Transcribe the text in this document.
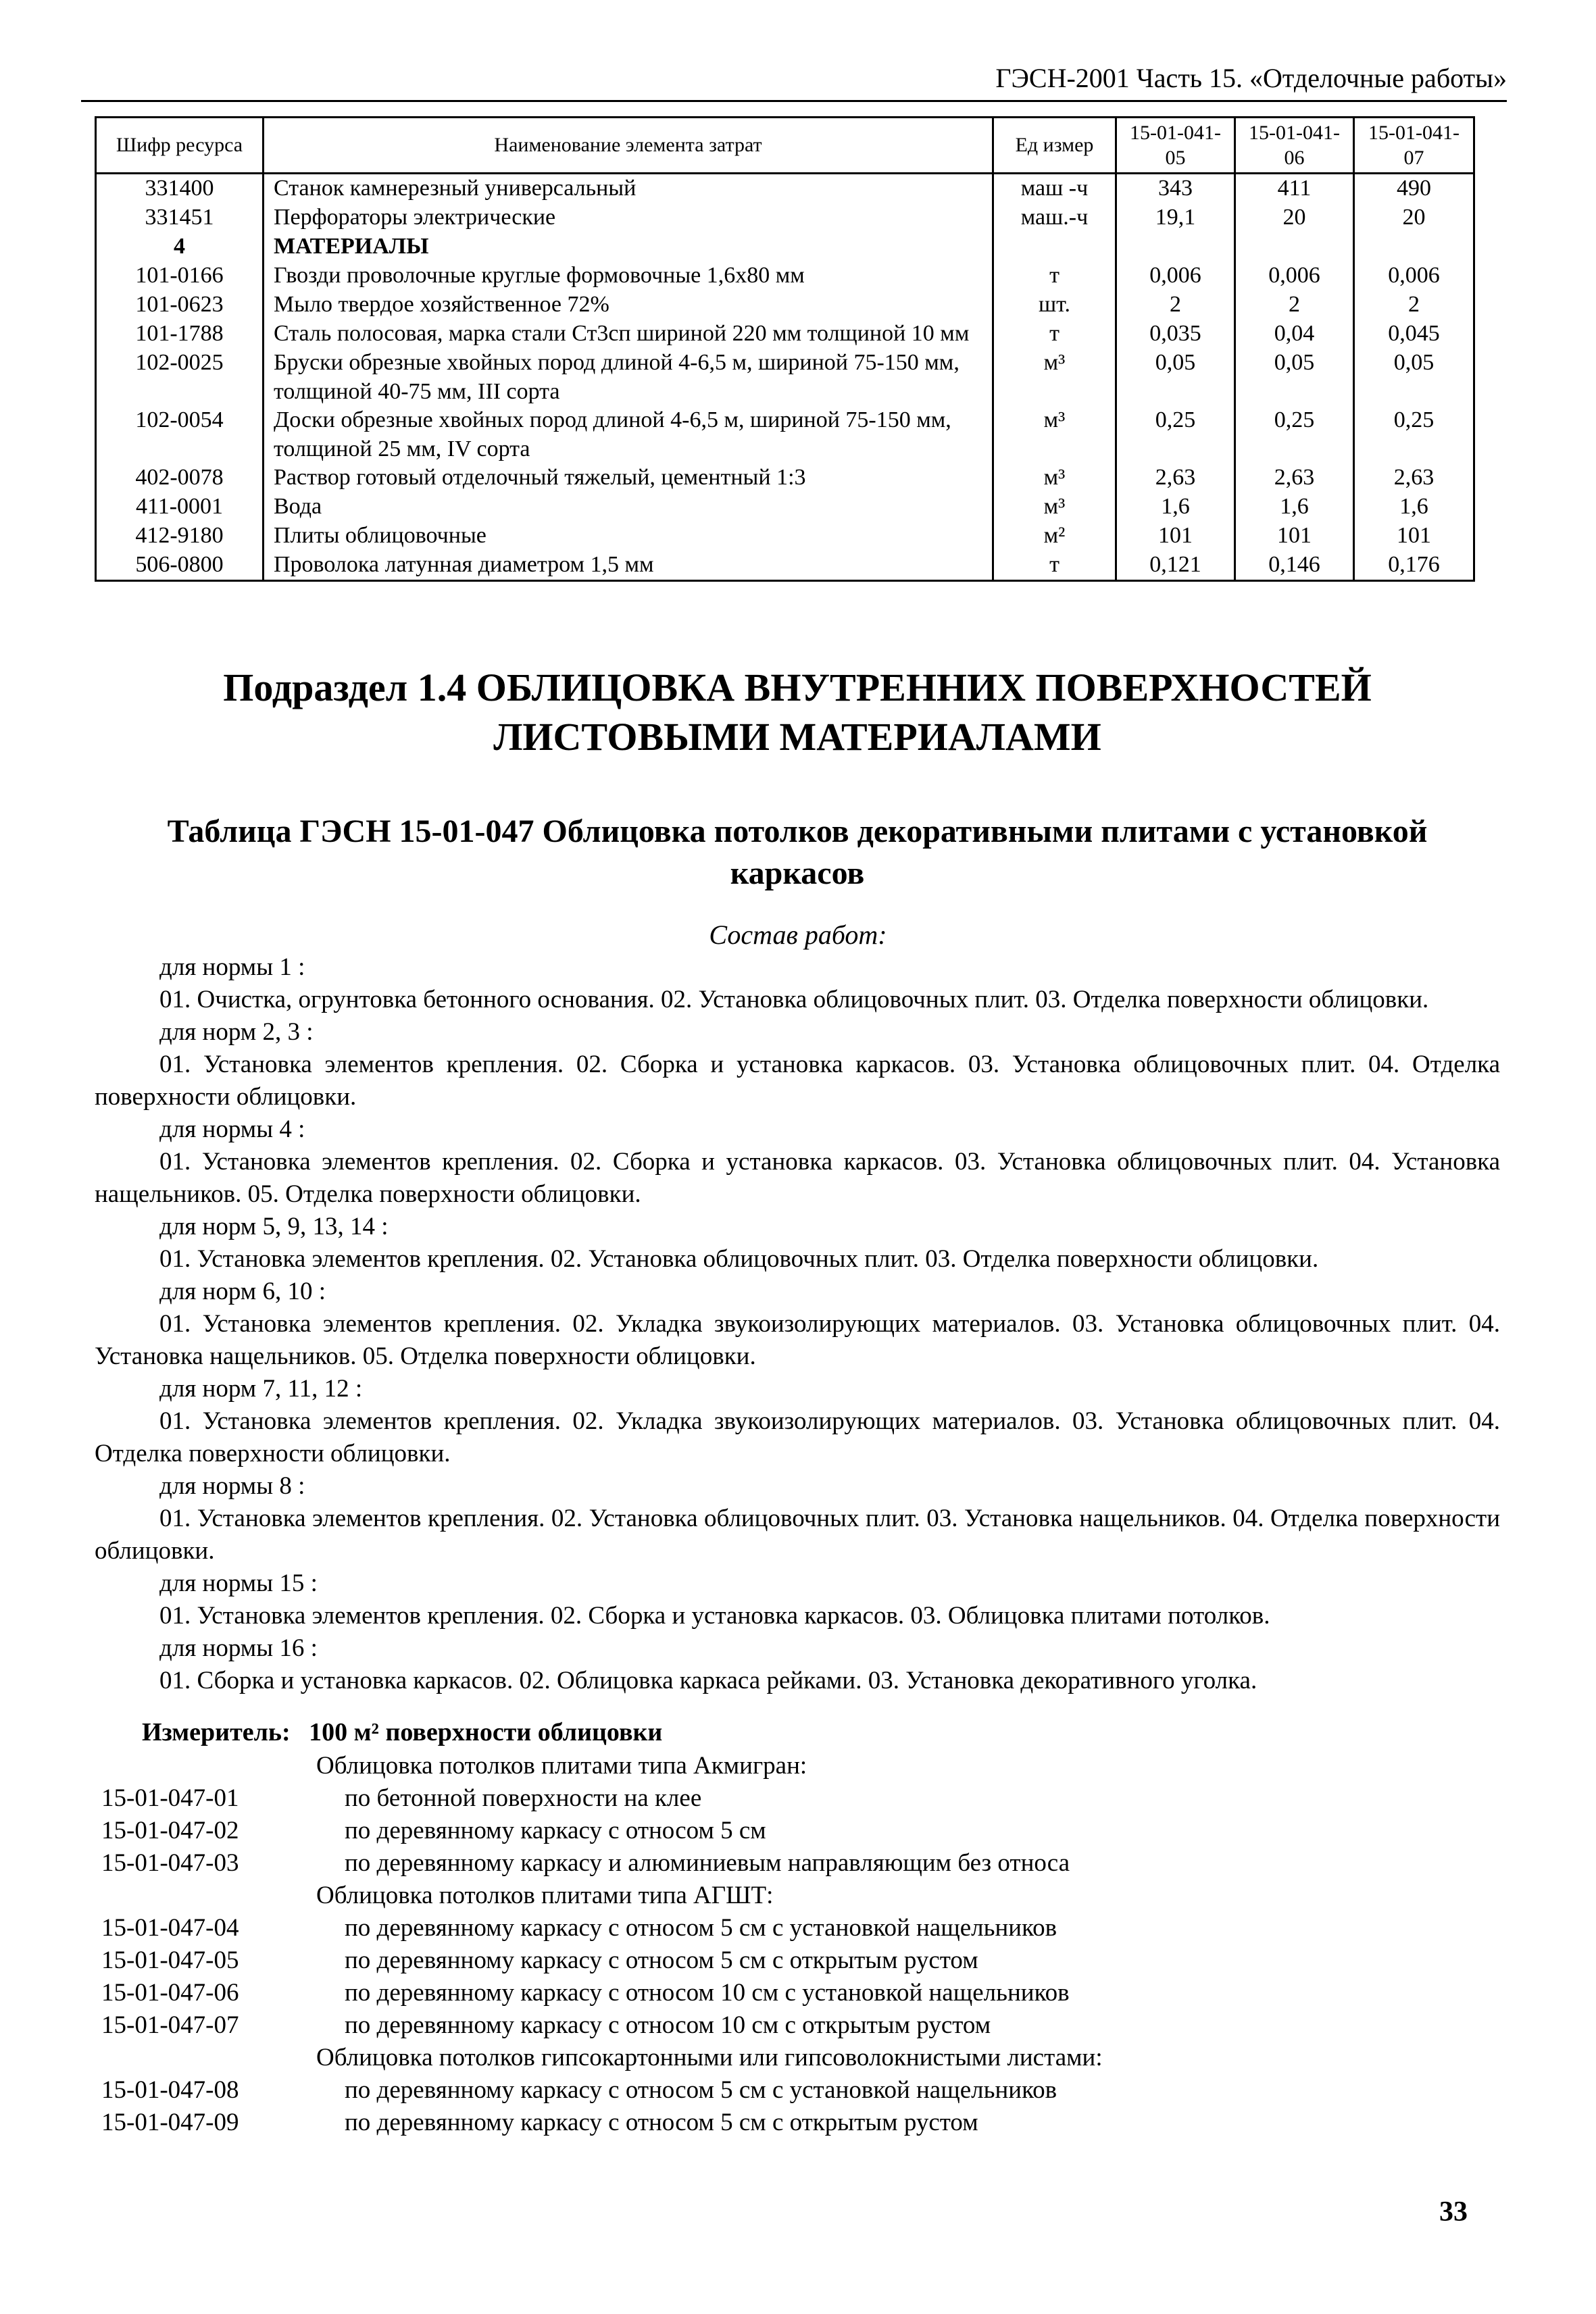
ГЭСН-2001 Часть 15. «Отделочные работы»
Шифр ресурса	Наименование элемента затрат	Ед измер	15-01-041-05	15-01-041-06	15-01-041-07
331400	Станок камнерезный универсальный	маш -ч	343	411	490
331451	Перфораторы электрические	маш.-ч	19,1	20	20
4	МАТЕРИАЛЫ				
101-0166	Гвозди проволочные круглые формовочные 1,6х80 мм	т	0,006	0,006	0,006
101-0623	Мыло твердое хозяйственное 72%	шт.	2	2	2
101-1788	Сталь полосовая, марка стали Ст3сп шириной 220 мм толщиной 10 мм	т	0,035	0,04	0,045
102-0025	Бруски обрезные хвойных пород длиной 4-6,5 м, шириной 75-150 мм, толщиной 40-75 мм, III сорта	м³	0,05	0,05	0,05
102-0054	Доски обрезные хвойных пород длиной 4-6,5 м, шириной 75-150 мм, толщиной 25 мм, IV сорта	м³	0,25	0,25	0,25
402-0078	Раствор готовый отделочный тяжелый, цементный 1:3	м³	2,63	2,63	2,63
411-0001	Вода	м³	1,6	1,6	1,6
412-9180	Плиты облицовочные	м²	101	101	101
506-0800	Проволока латунная диаметром 1,5 мм	т	0,121	0,146	0,176
Подраздел 1.4 ОБЛИЦОВКА ВНУТРЕННИХ ПОВЕРХНОСТЕЙ
ЛИСТОВЫМИ МАТЕРИАЛАМИ
Таблица ГЭСН 15-01-047 Облицовка потолков декоративными плитами с установкой
каркасов
Состав работ:
для нормы 1 :
01. Очистка, огрунтовка бетонного основания. 02. Установка облицовочных плит. 03. Отделка поверхности облицовки.
для норм 2, 3 :
01. Установка элементов крепления. 02. Сборка и установка каркасов. 03. Установка облицовочных плит. 04. Отделка поверхности облицовки.
для нормы 4 :
01. Установка элементов крепления. 02. Сборка и установка каркасов. 03. Установка облицовочных плит. 04. Установка нащельников. 05. Отделка поверхности облицовки.
для норм 5, 9, 13, 14 :
01. Установка элементов крепления. 02. Установка облицовочных плит. 03. Отделка поверхности облицовки.
для норм 6, 10 :
01. Установка элементов крепления. 02. Укладка звукоизолирующих материалов. 03. Установка облицовочных плит. 04. Установка нащельников. 05. Отделка поверхности облицовки.
для норм 7, 11, 12 :
01. Установка элементов крепления. 02. Укладка звукоизолирующих материалов. 03. Установка облицовочных плит. 04. Отделка поверхности облицовки.
для нормы 8 :
01. Установка элементов крепления. 02. Установка облицовочных плит. 03. Установка нащельников. 04. Отделка поверхности облицовки.
для нормы 15 :
01. Установка элементов крепления. 02. Сборка и установка каркасов. 03. Облицовка плитами потолков.
для нормы 16 :
01. Сборка и установка каркасов. 02. Облицовка каркаса рейками. 03. Установка декоративного уголка.
Измеритель: 100 м² поверхности облицовки
Облицовка потолков плитами типа Акмигран:
15-01-047-01	по бетонной поверхности на клее
15-01-047-02	по деревянному каркасу с относом 5 см
15-01-047-03	по деревянному каркасу и алюминиевым направляющим без относа
Облицовка потолков плитами типа АГШТ:
15-01-047-04	по деревянному каркасу с относом 5 см с установкой нащельников
15-01-047-05	по деревянному каркасу с относом 5 см с открытым рустом
15-01-047-06	по деревянному каркасу с относом 10 см с установкой нащельников
15-01-047-07	по деревянному каркасу с относом 10 см с открытым рустом
Облицовка потолков гипсокартонными или гипсоволокнистыми листами:
15-01-047-08	по деревянному каркасу с относом 5 см с установкой нащельников
15-01-047-09	по деревянному каркасу с относом 5 см с открытым рустом
33
